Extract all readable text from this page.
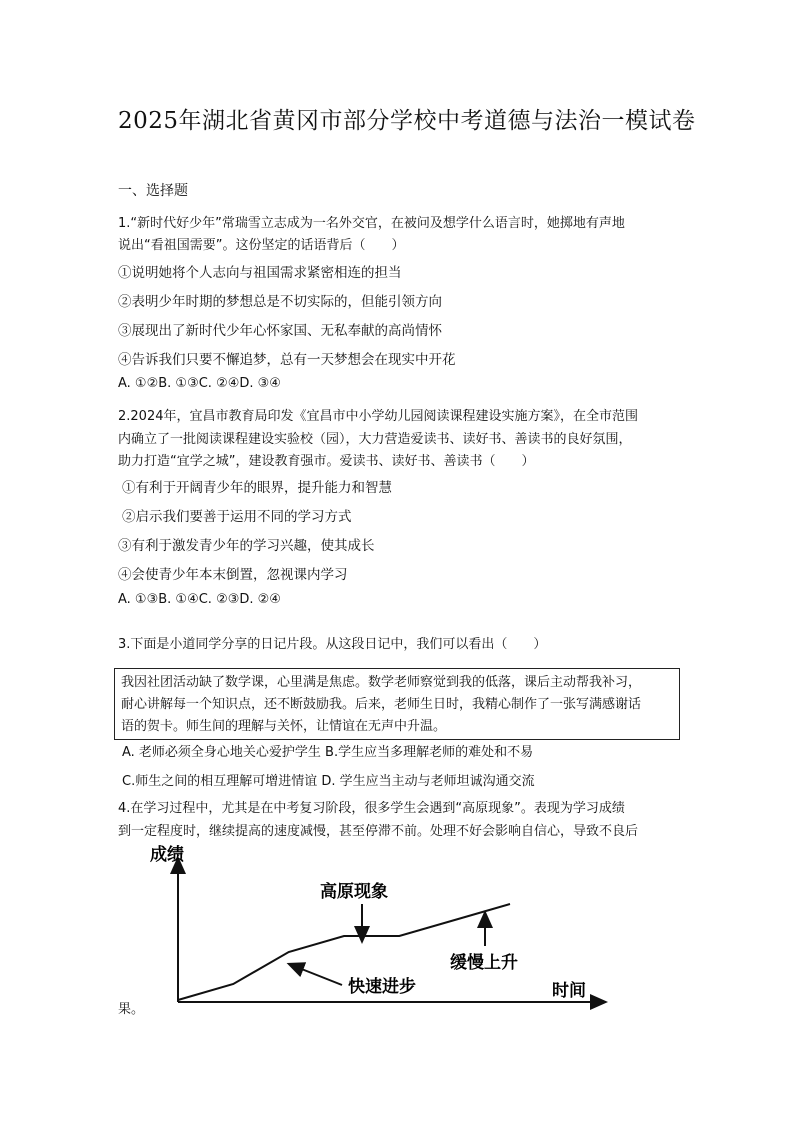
2025年湖北省黄冈市部分学校中考道德与法治一模试卷
一、选择题
1.“新时代好少年”常瑞雪立志成为一名外交官，在被问及想学什么语言时，她掷地有声地
说出“看祖国需要”。这份坚定的话语背后（　　）
①说明她将个人志向与祖国需求紧密相连的担当
②表明少年时期的梦想总是不切实际的，但能引领方向
③展现出了新时代少年心怀家国、无私奉献的高尚情怀
④告诉我们只要不懈追梦，总有一天梦想会在现实中开花
A. ①②B. ①③C. ②④D. ③④
2.2024年，宜昌市教育局印发《宜昌市中小学幼儿园阅读课程建设实施方案》，在全市范围
内确立了一批阅读课程建设实验校（园），大力营造爱读书、读好书、善读书的良好氛围，
助力打造“宜学之城”，建设教育强市。爱读书、读好书、善读书（　　）
①有利于开阔青少年的眼界，提升能力和智慧
②启示我们要善于运用不同的学习方式
③有利于激发青少年的学习兴趣，使其成长
④会使青少年本末倒置，忽视课内学习
A. ①③B. ①④C. ②③D. ②④
3.下面是小道同学分享的日记片段。从这段日记中，我们可以看出（　　）
我因社团活动缺了数学课，心里满是焦虑。数学老师察觉到我的低落，课后主动帮我补习，
耐心讲解每一个知识点，还不断鼓励我。后来，老师生日时，我精心制作了一张写满感谢话
语的贺卡。师生间的理解与关怀，让情谊在无声中升温。
A. 老师必须全身心地关心爱护学生 B.学生应当多理解老师的难处和不易
C.师生之间的相互理解可增进情谊 D. 学生应当主动与老师坦诚沟通交流
4.在学习过程中，尤其是在中考复习阶段，很多学生会遇到“高原现象”。表现为学习成绩
到一定程度时，继续提高的速度减慢，甚至停滞不前。处理不好会影响自信心，导致不良后
成绩
时间
高原现象
缓慢上升
快速进步
果。
